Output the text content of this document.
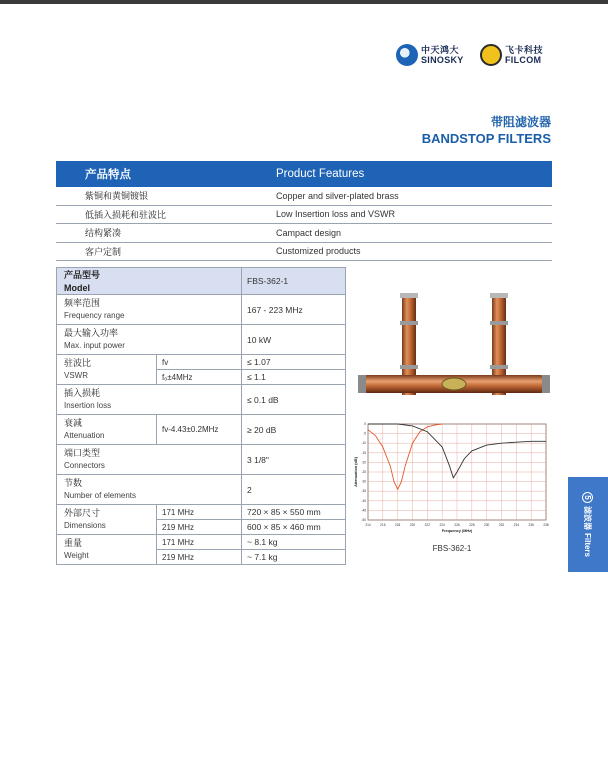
中天鸿大
SINOSKY
飞卡科技
FILCOM
带阻滤波器
BANDSTOP FILTERS
产品特点	Product Features
紫铜和黄铜镀银	Copper and silver-plated brass
低插入损耗和驻波比	Low Insertion loss and VSWR
结构紧凑	Campact design
客户定制	Customized products
产品型号
Model		FBS-362-1

频率范围
Frequency range		167 - 223 MHz

最大输入功率
Max. input power		10 kW

驻波比
VSWR	fv	≤ 1.07
	fₒ±4MHz	≤ 1.1

插入损耗
Insertion loss		≤ 0.1 dB

衰减
Attenuation	fv-4.43±0.2MHz	≥ 20 dB

端口类型
Connectors		3 1/8"

节数
Number of elements		2

外部尺寸
Dimensions	171 MHz	720 × 85 × 550 mm
	219 MHz	600 × 85 × 460 mm

重量
Weight	171 MHz	~ 8.1 kg
	219 MHz	~ 7.1 kg
214	216	218	220	222	224	226	228	230	232	234	236	238
0
-5
-10
-15
-20
-25
-30
-35
-40
-45
-50
Frequency (MHz)
Attenuation (dB)
FBS-362-1
5
滤波器
Filters
